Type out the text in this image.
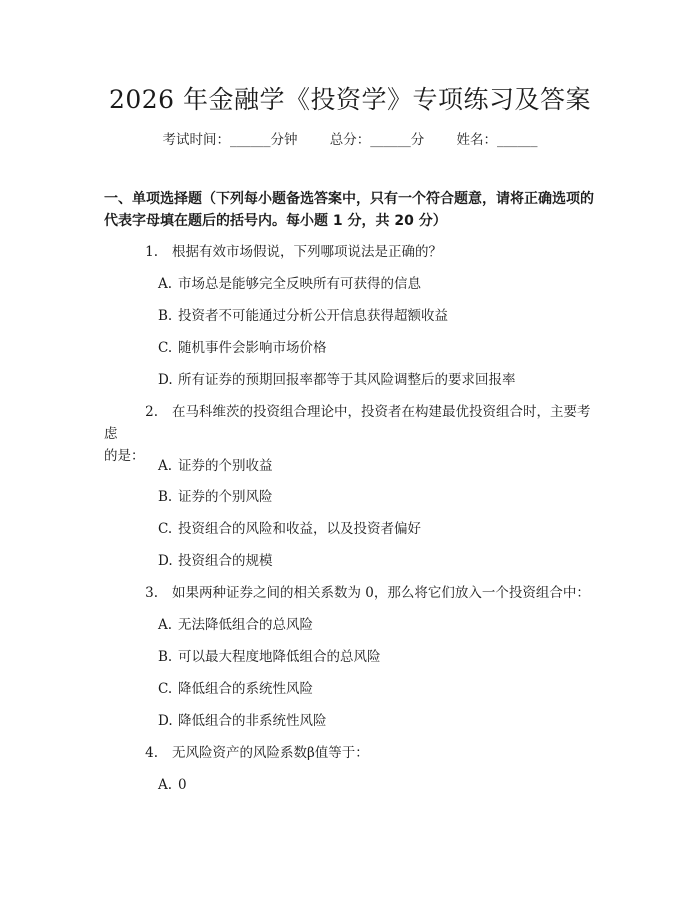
2026 年金融学《投资学》专项练习及答案
考试时间：______分钟 总分：______分 姓名：______
一、单项选择题（下列每小题备选答案中，只有一个符合题意，请将正确选项的
代表字母填在题后的括号内。每小题 1 分，共 20 分）
1. 根据有效市场假说，下列哪项说法是正确的？
A. 市场总是能够完全反映所有可获得的信息
B. 投资者不可能通过分析公开信息获得超额收益
C. 随机事件会影响市场价格
D. 所有证券的预期回报率都等于其风险调整后的要求回报率
2. 在马科维茨的投资组合理论中，投资者在构建最优投资组合时，主要考虑
的是：
A. 证券的个别收益
B. 证券的个别风险
C. 投资组合的风险和收益，以及投资者偏好
D. 投资组合的规模
3. 如果两种证券之间的相关系数为 0，那么将它们放入一个投资组合中：
A. 无法降低组合的总风险
B. 可以最大程度地降低组合的总风险
C. 降低组合的系统性风险
D. 降低组合的非系统性风险
4. 无风险资产的风险系数β值等于：
A. 0
